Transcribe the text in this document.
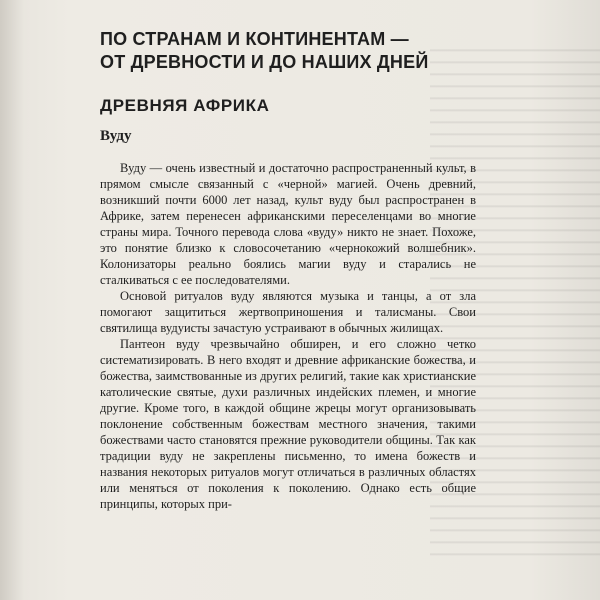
ПО СТРАНАМ И КОНТИНЕНТАМ —
ОТ ДРЕВНОСТИ И ДО НАШИХ ДНЕЙ
ДРЕВНЯЯ АФРИКА
Вуду

Вуду — очень известный и достаточно распространенный культ, в прямом смысле связанный с «черной» магией. Очень древний, возникший почти 6000 лет назад, культ вуду был распространен в Африке, затем перенесен африканскими переселенцами во многие страны мира. Точного перевода слова «вуду» никто не знает. Похоже, это понятие близко к словосочетанию «чернокожий волшебник». Колонизаторы реально боялись магии вуду и старались не сталкиваться с ее последователями.

Основой ритуалов вуду являются музыка и танцы, а от зла помогают защититься жертвоприношения и талисманы. Свои святилища вудуисты зачастую устраивают в обычных жилищах.

Пантеон вуду чрезвычайно обширен, и его сложно четко систематизировать. В него входят и древние африканские божества, и божества, заимствованные из других религий, такие как христианские католические святые, духи различных индейских племен, и многие другие. Кроме того, в каждой общине жрецы могут организовывать поклонение собственным божествам местного значения, такими божествами часто становятся прежние руководители общины. Так как традиции вуду не закреплены письменно, то имена божеств и названия некоторых ритуалов могут отличаться в различных областях или меняться от поколения к поколению. Однако есть общие принципы, которых при-
